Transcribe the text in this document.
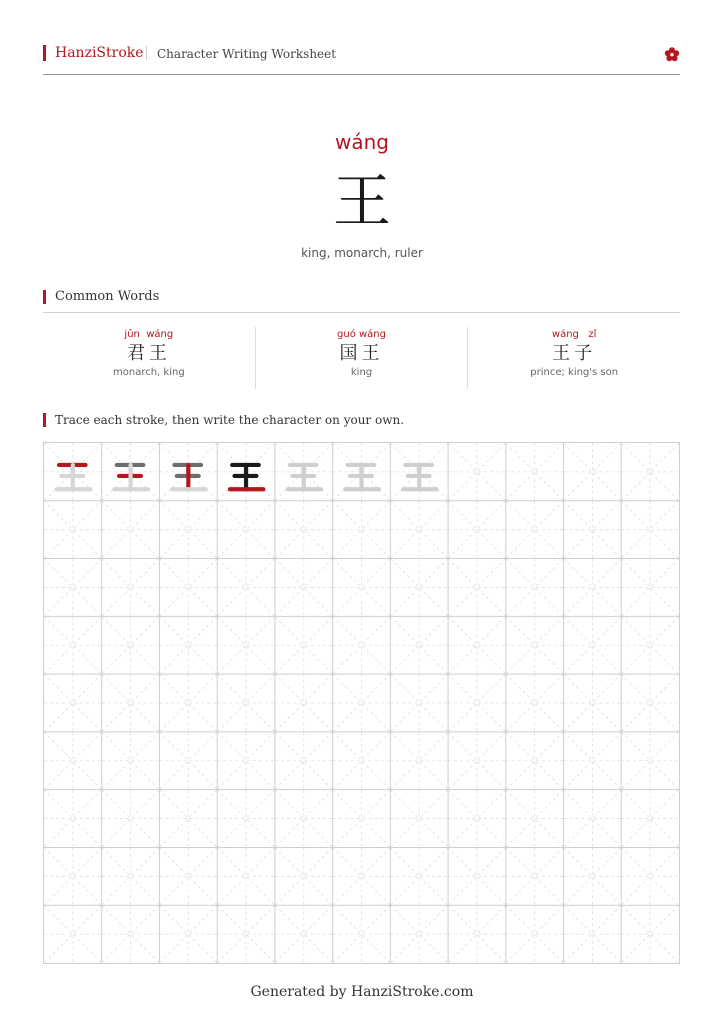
HanziStroke Character Writing Worksheet
wáng
王
king, monarch, ruler
Common Words
jūn  wáng
君王
monarch, king
guó wáng
国王
king
wáng   zǐ
王子
prince; king's son
Trace each stroke, then write the character on your own.
Generated by HanziStroke.com
